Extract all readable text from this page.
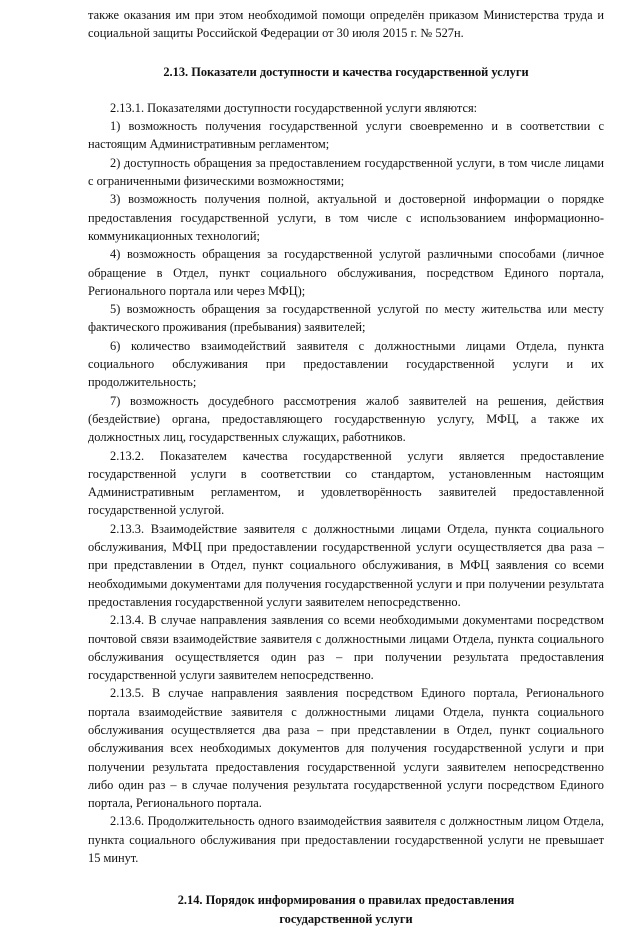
также оказания им при этом необходимой помощи определён приказом Министерства труда и социальной защиты Российской Федерации от 30 июля 2015 г. № 527н.

2.13. Показатели доступности и качества государственной услуги

2.13.1. Показателями доступности государственной услуги являются:

1) возможность получения государственной услуги своевременно и в соответствии с настоящим Административным регламентом;

2) доступность обращения за предоставлением государственной услуги, в том числе лицами с ограниченными физическими возможностями;

3) возможность получения полной, актуальной и достоверной информации о порядке предоставления государственной услуги, в том числе с использованием информационно-коммуникационных технологий;

4) возможность обращения за государственной услугой различными способами (личное обращение в Отдел, пункт социального обслуживания, посредством Единого портала, Регионального портала или через МФЦ);

5) возможность обращения за государственной услугой по месту жительства или месту фактического проживания (пребывания) заявителей;

6) количество взаимодействий заявителя с должностными лицами Отдела, пункта социального обслуживания при предоставлении государственной услуги и их продолжительность;

7) возможность досудебного рассмотрения жалоб заявителей на решения, действия (бездействие) органа, предоставляющего государственную услугу, МФЦ, а также их должностных лиц, государственных служащих, работников.

2.13.2. Показателем качества государственной услуги является предоставление государственной услуги в соответствии со стандартом, установленным настоящим Административным регламентом, и удовлетворённость заявителей предоставленной государственной услугой.

2.13.3. Взаимодействие заявителя с должностными лицами Отдела, пункта социального обслуживания, МФЦ при предоставлении государственной услуги осуществляется два раза – при представлении в Отдел, пункт социального обслуживания, в МФЦ заявления со всеми необходимыми документами для получения государственной услуги и при получении результата предоставления государственной услуги заявителем непосредственно.

2.13.4. В случае направления заявления со всеми необходимыми документами посредством почтовой связи взаимодействие заявителя с должностными лицами Отдела, пункта социального обслуживания осуществляется один раз – при получении результата предоставления государственной услуги заявителем непосредственно.

2.13.5. В случае направления заявления посредством Единого портала, Регионального портала взаимодействие заявителя с должностными лицами Отдела, пункта социального обслуживания осуществляется два раза – при представлении в Отдел, пункт социального обслуживания всех необходимых документов для получения государственной услуги и при получении результата предоставления государственной услуги заявителем непосредственно либо один раз – в случае получения результата государственной услуги посредством Единого портала, Регионального портала.

2.13.6. Продолжительность одного взаимодействия заявителя с должностным лицом Отдела, пункта социального обслуживания при предоставлении государственной услуги не превышает 15 минут.

2.14. Порядок информирования о правилах предоставления
государственной услуги
